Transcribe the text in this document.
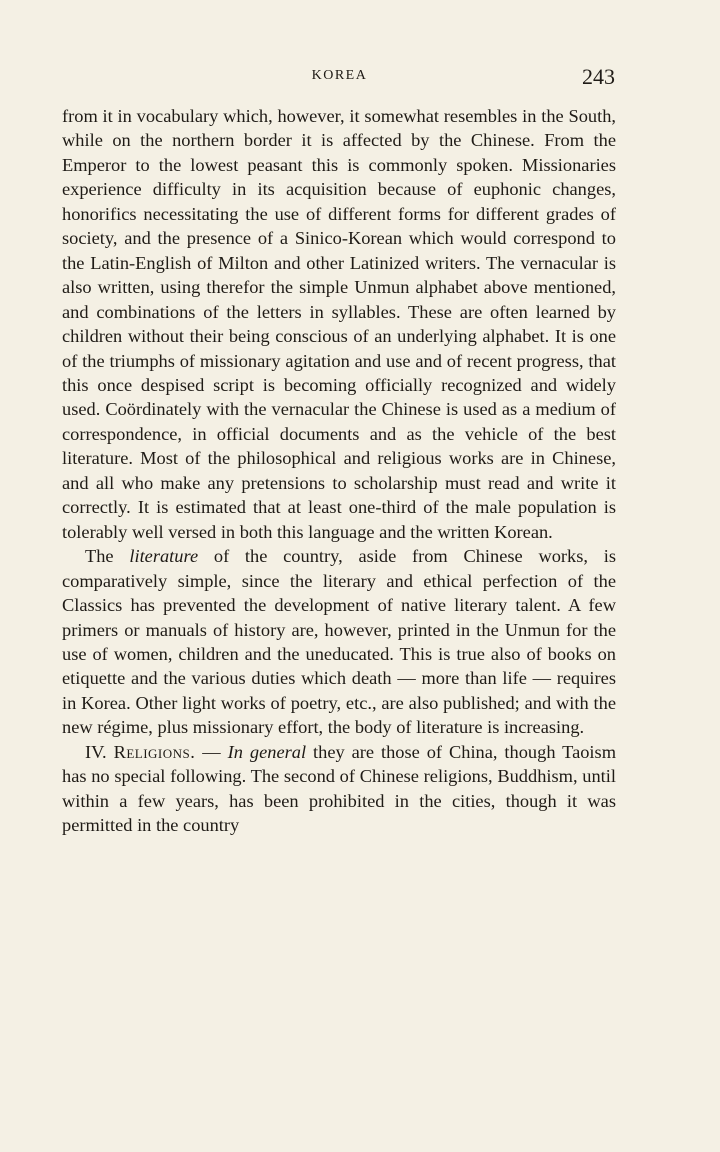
KOREA	243

from it in vocabulary which, however, it somewhat resembles in the South, while on the northern border it is affected by the Chinese. From the Emperor to the lowest peasant this is commonly spoken. Missionaries experience difficulty in its acquisition because of euphonic changes, honorifics necessitating the use of different forms for different grades of society, and the presence of a Sinico-Korean which would correspond to the Latin-English of Milton and other Latinized writers. The vernacular is also written, using therefor the simple Unmun alphabet above mentioned, and combinations of the letters in syllables. These are often learned by children without their being conscious of an underlying alphabet. It is one of the triumphs of missionary agitation and use and of recent progress, that this once despised script is becoming officially recognized and widely used. Coördinately with the vernacular the Chinese is used as a medium of correspondence, in official documents and as the vehicle of the best literature. Most of the philosophical and religious works are in Chinese, and all who make any pretensions to scholarship must read and write it correctly. It is estimated that at least one-third of the male population is tolerably well versed in both this language and the written Korean.

The literature of the country, aside from Chinese works, is comparatively simple, since the literary and ethical perfection of the Classics has prevented the development of native literary talent. A few primers or manuals of history are, however, printed in the Unmun for the use of women, children and the uneducated. This is true also of books on etiquette and the various duties which death — more than life — requires in Korea. Other light works of poetry, etc., are also published; and with the new régime, plus missionary effort, the body of literature is increasing.

IV. Religions. — In general they are those of China, though Taoism has no special following. The second of Chinese religions, Buddhism, until within a few years, has been prohibited in the cities, though it was permitted in the country
